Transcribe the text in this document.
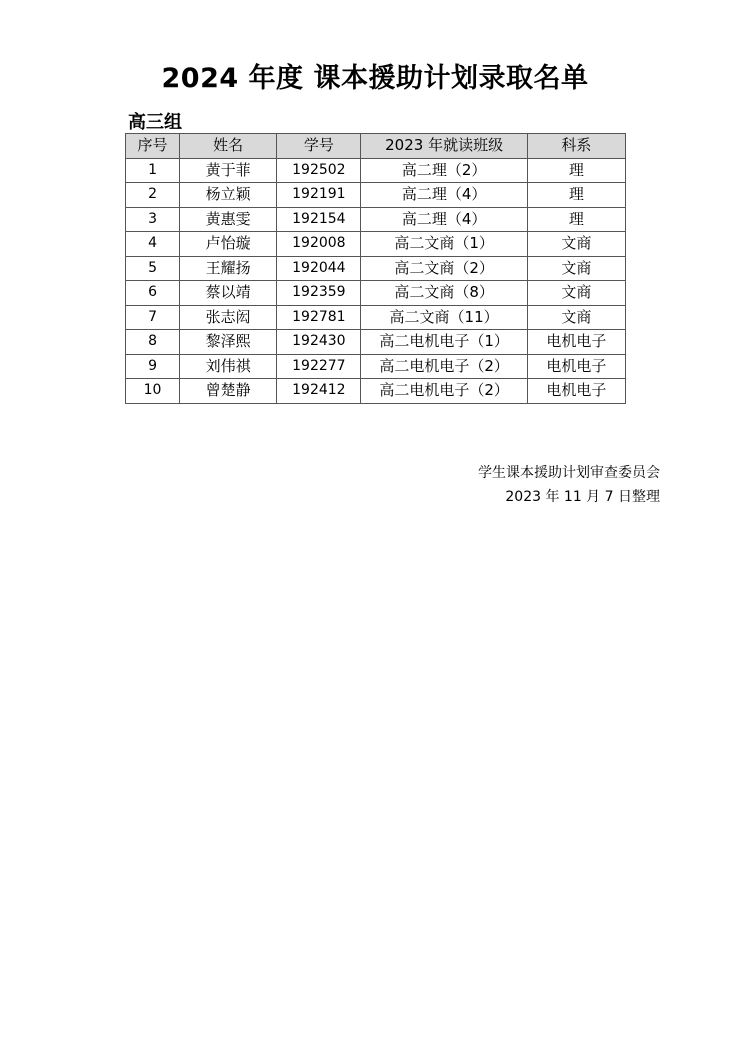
2024 年度 课本援助计划录取名单
高三组
序号	姓名	学号	2023 年就读班级	科系
1	黄于菲	192502	高二理（2）	理
2	杨立颖	192191	高二理（4）	理
3	黄惠雯	192154	高二理（4）	理
4	卢怡璇	192008	高二文商（1）	文商
5	王耀扬	192044	高二文商（2）	文商
6	蔡以靖	192359	高二文商（8）	文商
7	张志闳	192781	高二文商（11）	文商
8	黎泽熙	192430	高二电机电子（1）	电机电子
9	刘伟祺	192277	高二电机电子（2）	电机电子
10	曾楚静	192412	高二电机电子（2）	电机电子
学生课本援助计划审查委员会
2023 年 11 月 7 日整理
